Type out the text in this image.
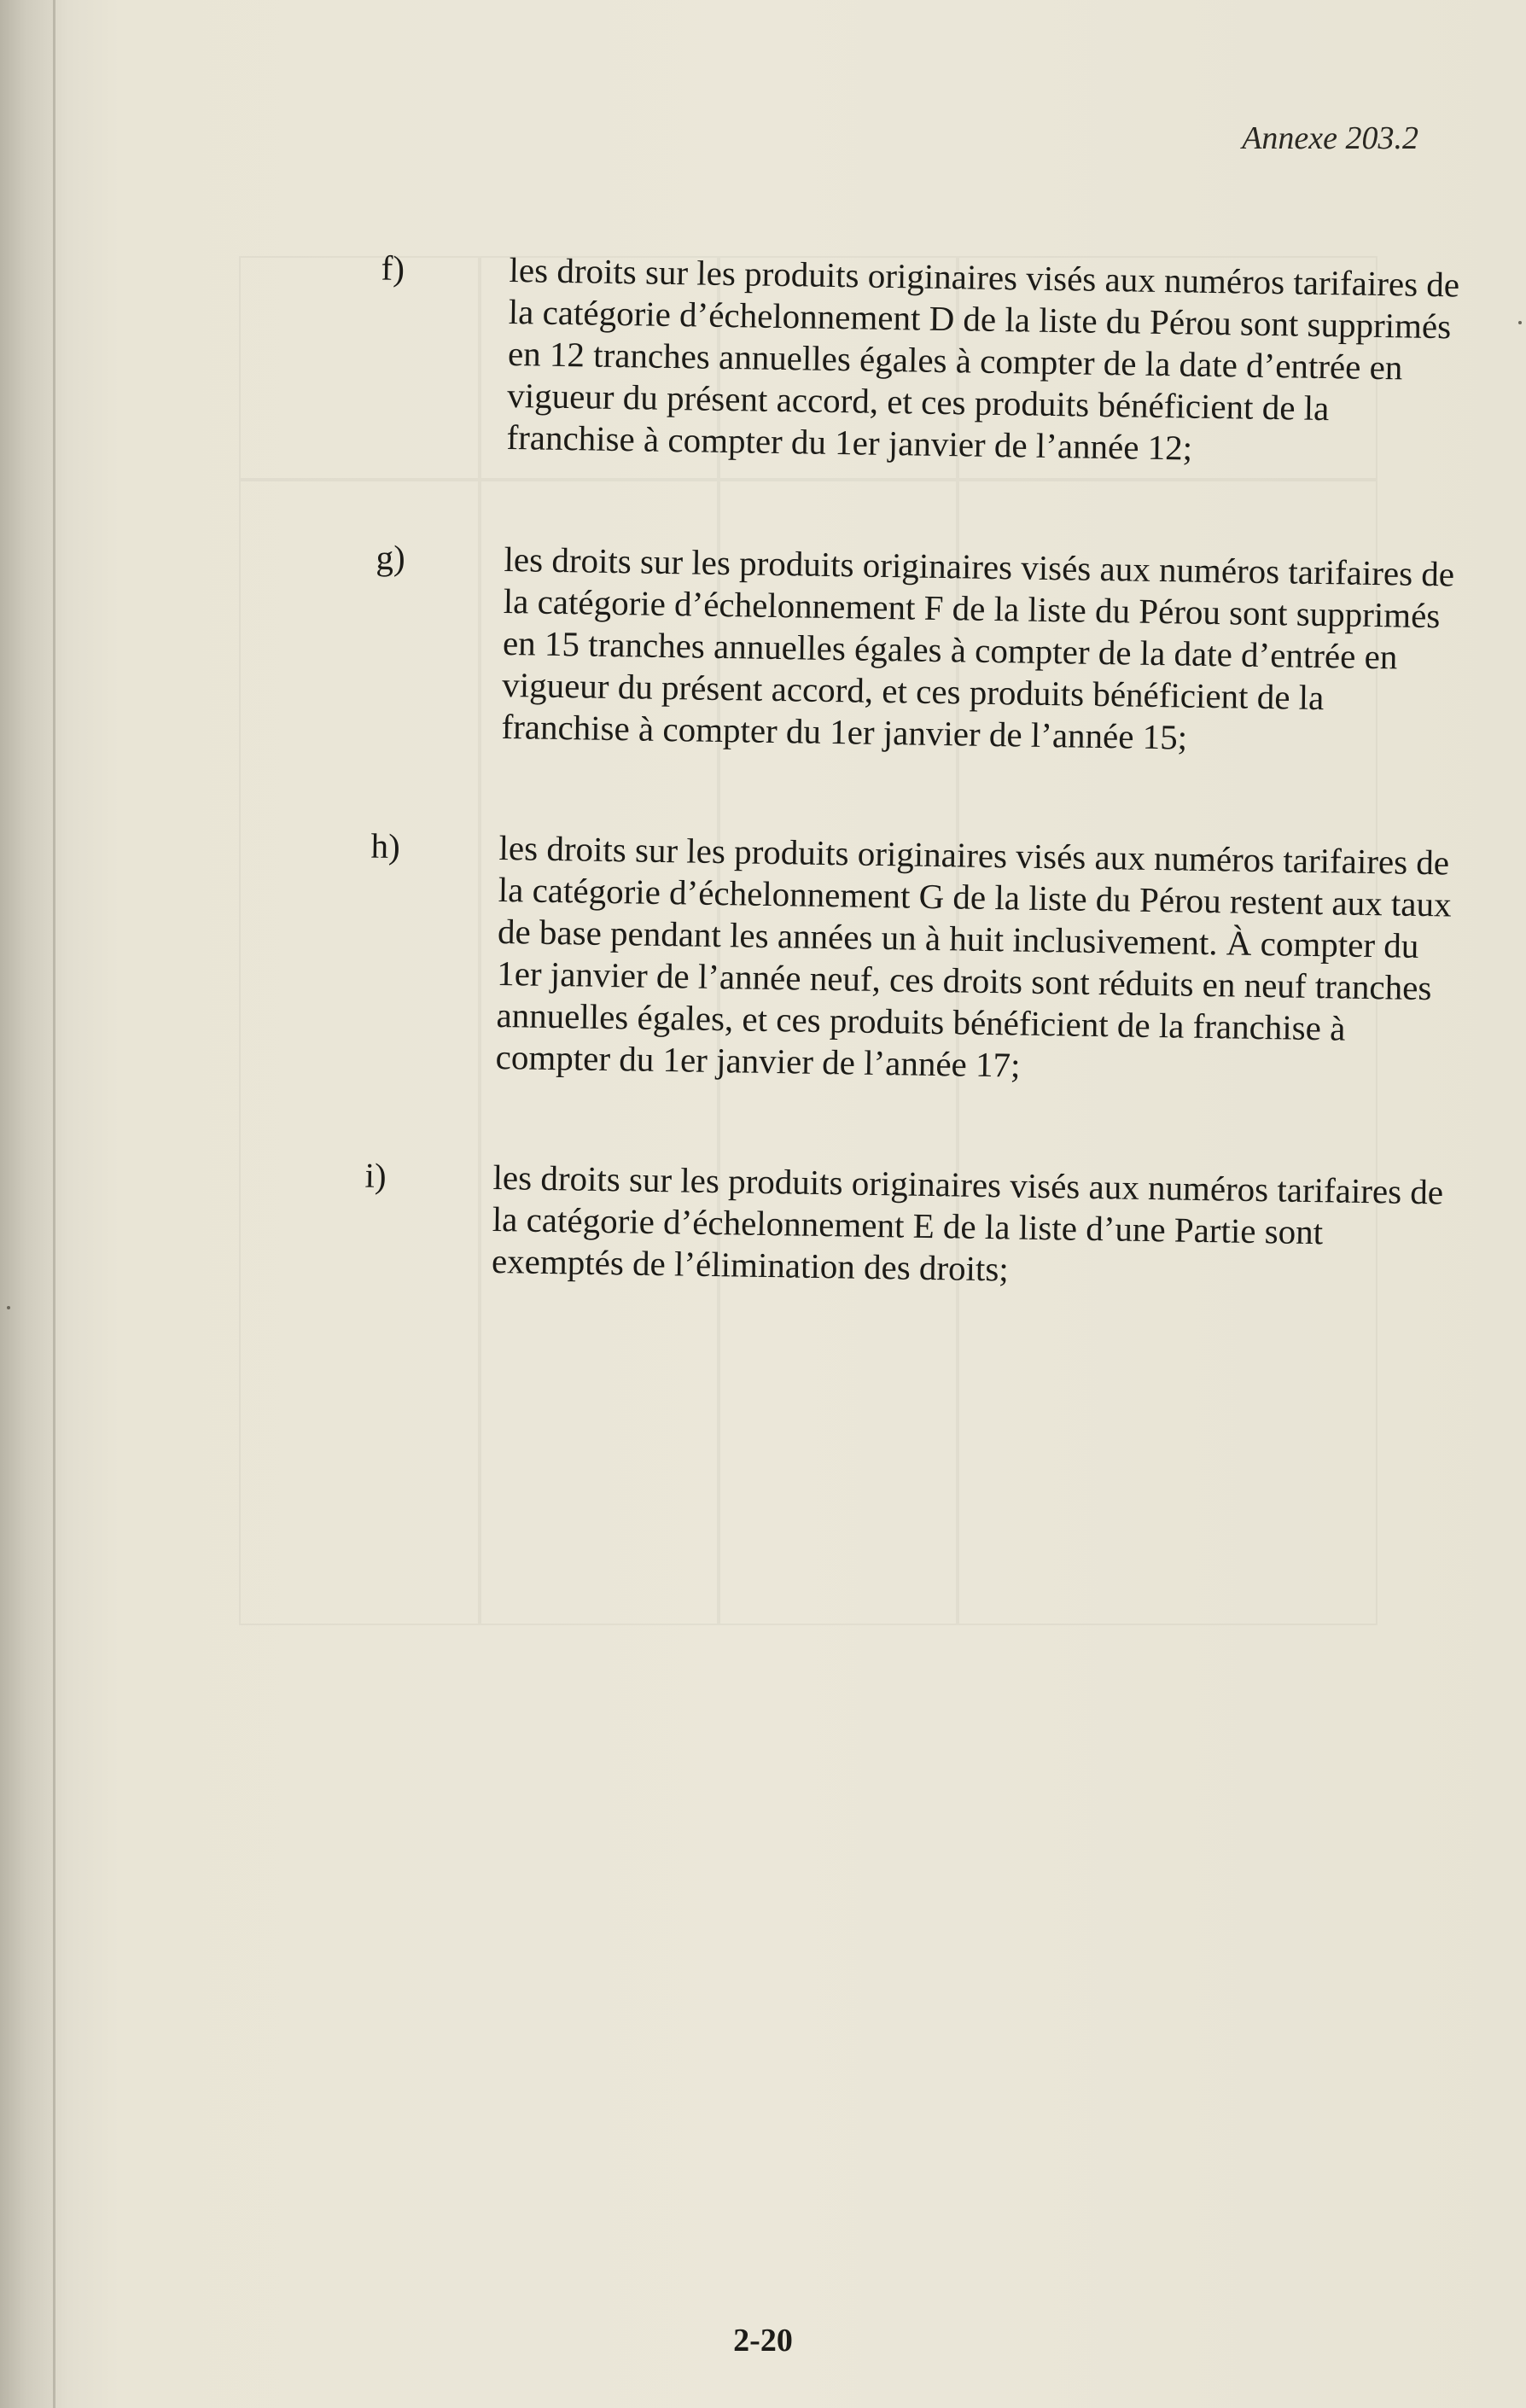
Annexe 203.2
f)	les droits sur les produits originaires visés aux numéros tarifaires de la catégorie d’échelonnement D de la liste du Pérou sont supprimés en 12 tranches annuelles égales à compter de la date d’entrée en vigueur du présent accord, et ces produits bénéficient de la franchise à compter du 1er janvier de l’année 12;

g)	les droits sur les produits originaires visés aux numéros tarifaires de la catégorie d’échelonnement F de la liste du Pérou sont supprimés en 15 tranches annuelles égales à compter de la date d’entrée en vigueur du présent accord, et ces produits bénéficient de la franchise à compter du 1er janvier de l’année 15;

h)	les droits sur les produits originaires visés aux numéros tarifaires de la catégorie d’échelonnement G de la liste du Pérou restent aux taux de base pendant les années un à huit inclusivement. À compter du 1er janvier de l’année neuf, ces droits sont réduits en neuf tranches annuelles égales, et ces produits bénéficient de la franchise à compter du 1er janvier de l’année 17;

i)	les droits sur les produits originaires visés aux numéros tarifaires de la catégorie d’échelonnement E de la liste d’une Partie sont exemptés de l’élimination des droits;

2-20
